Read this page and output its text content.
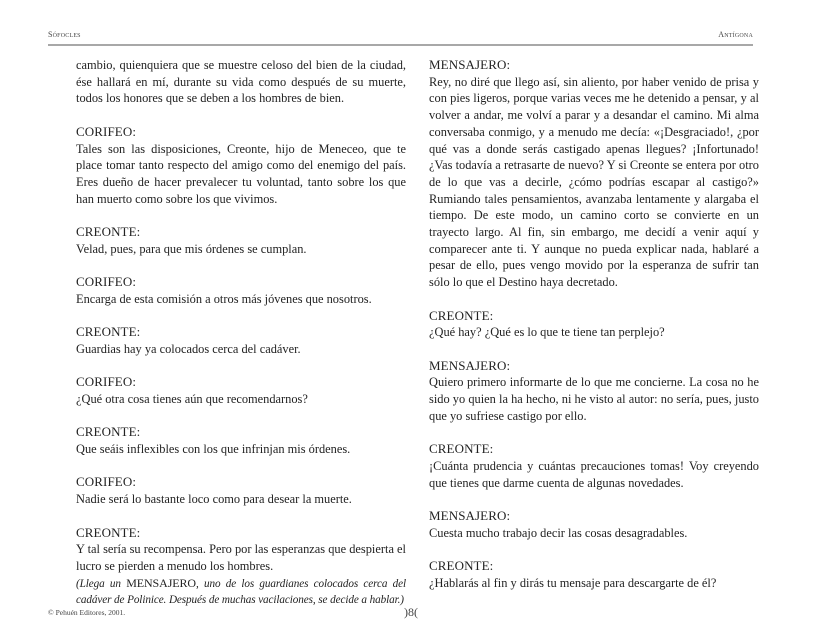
Sófocles	Antígona

cambio, quienquiera que se muestre celoso del bien de la ciudad, ése hallará en mí, durante su vida como después de su muerte, todos los honores que se deben a los hombres de bien.

CORIFEO:
Tales son las disposiciones, Creonte, hijo de Meneceo, que te place tomar tanto respecto del amigo como del enemigo del país. Eres dueño de hacer prevalecer tu voluntad, tanto sobre los que han muerto como sobre los que vivimos.

CREONTE:
Velad, pues, para que mis órdenes se cumplan.

CORIFEO:
Encarga de esta comisión a otros más jóvenes que nosotros.

CREONTE:
Guardias hay ya colocados cerca del cadáver.

CORIFEO:
¿Qué otra cosa tienes aún que recomendarnos?

CREONTE:
Que seáis inflexibles con los que infrinjan mis órdenes.

CORIFEO:
Nadie será lo bastante loco como para desear la muerte.

CREONTE:
Y tal sería su recompensa. Pero por las esperanzas que despierta el lucro se pierden a menudo los hombres.
(Llega un MENSAJERO, uno de los guardianes colocados cerca del cadáver de Polinice. Después de muchas vacilaciones, se decide a hablar.)

MENSAJERO:
Rey, no diré que llego así, sin aliento, por haber venido de prisa y con pies ligeros, porque varias veces me he detenido a pensar, y al volver a andar, me volví a parar y a desandar el camino. Mi alma conversaba conmigo, y a menudo me decía: «¡Desgraciado!, ¿por qué vas a donde serás castigado apenas llegues? ¡Infortunado! ¿Vas todavía a retrasarte de nuevo? Y si Creonte se entera por otro de lo que vas a decirle, ¿cómo podrías escapar al castigo?» Rumiando tales pensamientos, avanzaba lentamente y alargaba el tiempo. De este modo, un camino corto se convierte en un trayecto largo. Al fin, sin embargo, me decidí a venir aquí y comparecer ante ti. Y aunque no pueda explicar nada, hablaré a pesar de ello, pues vengo movido por la esperanza de sufrir tan sólo lo que el Destino haya decretado.

CREONTE:
¿Qué hay? ¿Qué es lo que te tiene tan perplejo?

MENSAJERO:
Quiero primero informarte de lo que me concierne. La cosa no he sido yo quien la ha hecho, ni he visto al autor: no sería, pues, justo que yo sufriese castigo por ello.

CREONTE:
¡Cuánta prudencia y cuántas precauciones tomas! Voy creyendo que tienes que darme cuenta de algunas novedades.

MENSAJERO:
Cuesta mucho trabajo decir las cosas desagradables.

CREONTE:
¿Hablarás al fin y dirás tu mensaje para descargarte de él?

© Pehuén Editores, 2001.	)8(
